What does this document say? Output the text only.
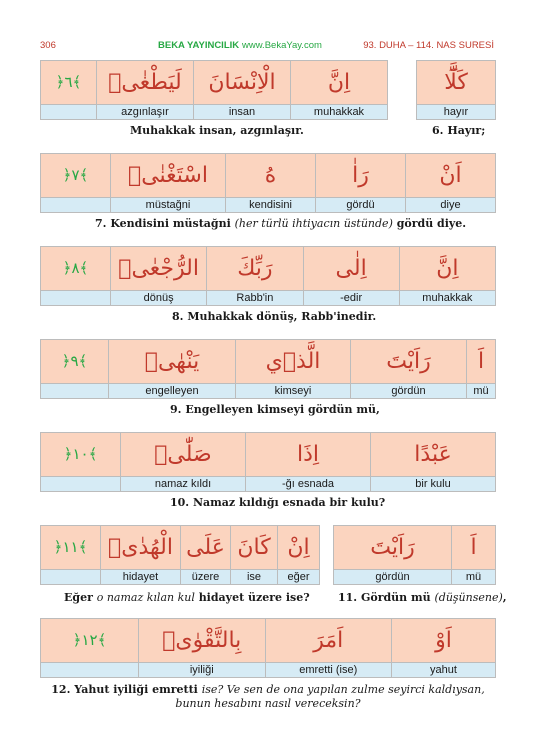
306	BEKA YAYINCILIK www.BekaYay.com	93. DUHA – 114. NAS SURESİ
﴿٦﴾	لَيَطْغٰىۙ	الْاِنْسَانَ	اِنَّ
	azgınlaşır	insan	muhakkak
كَلَّٓا
hayır
Muhakkak insan, azgınlaşır.	6. Hayır;
﴿٧﴾	اسْتَغْنٰىۜ	هُ	رَاٰ	اَنْ
	müstağni	kendisini	gördü	diye
7. Kendisini müstağni (her türlü ihtiyacın üstünde) gördü diye.
﴿٨﴾	الرُّجْعٰىۜ	رَبِّكَ	اِلٰى	اِنَّ
	dönüş	Rabb'in	-edir	muhakkak
8. Muhakkak dönüş, Rabb'inedir.
﴿٩﴾	يَنْهٰىۙ	الَّذ۪ي	رَاَيْتَ	اَ
	engelleyen	kimseyi	gördün	mü
9. Engelleyen kimseyi gördün mü,
﴿١٠﴾	صَلّٰىۜ	اِذَا	عَبْدًا
	namaz kıldı	-ğı esnada	bir kulu
10. Namaz kıldığı esnada bir kulu?
﴿١١﴾	الْهُدٰىۙ	عَلَى	كَانَ	اِنْ
	hidayet	üzere	ise	eğer
رَاَيْتَ	اَ
gördün	mü
Eğer o namaz kılan kul hidayet üzere ise?	11. Gördün mü (düşünsene),
﴿١٢﴾	بِالتَّقْوٰىۜ	اَمَرَ	اَوْ
	iyiliği	emretti (ise)	yahut
12. Yahut iyiliği emretti ise? Ve sen de ona yapılan zulme seyirci kaldıysan, bunun hesabını nasıl vereceksin?
